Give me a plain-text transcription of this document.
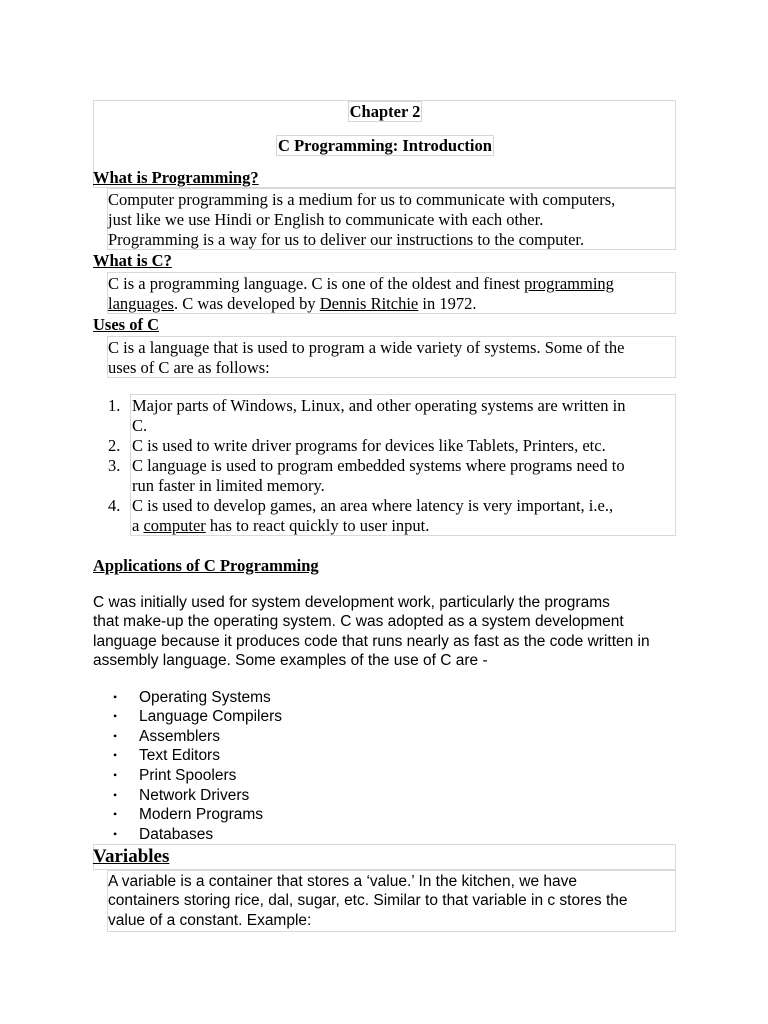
Chapter 2
C Programming: Introduction
What is Programming?
Computer programming is a medium for us to communicate with computers,
just like we use Hindi or English to communicate with each other.
Programming is a way for us to deliver our instructions to the computer.
What is C?
C is a programming language. C is one of the oldest and finest programming
languages. C was developed by Dennis Ritchie in 1972.
Uses of C
C is a language that is used to program a wide variety of systems. Some of the
uses of C are as follows:
1. Major parts of Windows, Linux, and other operating systems are written in
C.
2. C is used to write driver programs for devices like Tablets, Printers, etc.
3. C language is used to program embedded systems where programs need to
run faster in limited memory.
4. C is used to develop games, an area where latency is very important, i.e.,
a computer has to react quickly to user input.
Applications of C Programming
C was initially used for system development work, particularly the programs
that make-up the operating system. C was adopted as a system development
language because it produces code that runs nearly as fast as the code written in
assembly language. Some examples of the use of C are -
• Operating Systems
• Language Compilers
• Assemblers
• Text Editors
• Print Spoolers
• Network Drivers
• Modern Programs
• Databases
Variables
A variable is a container that stores a ‘value.’ In the kitchen, we have
containers storing rice, dal, sugar, etc. Similar to that variable in c stores the
value of a constant. Example:
